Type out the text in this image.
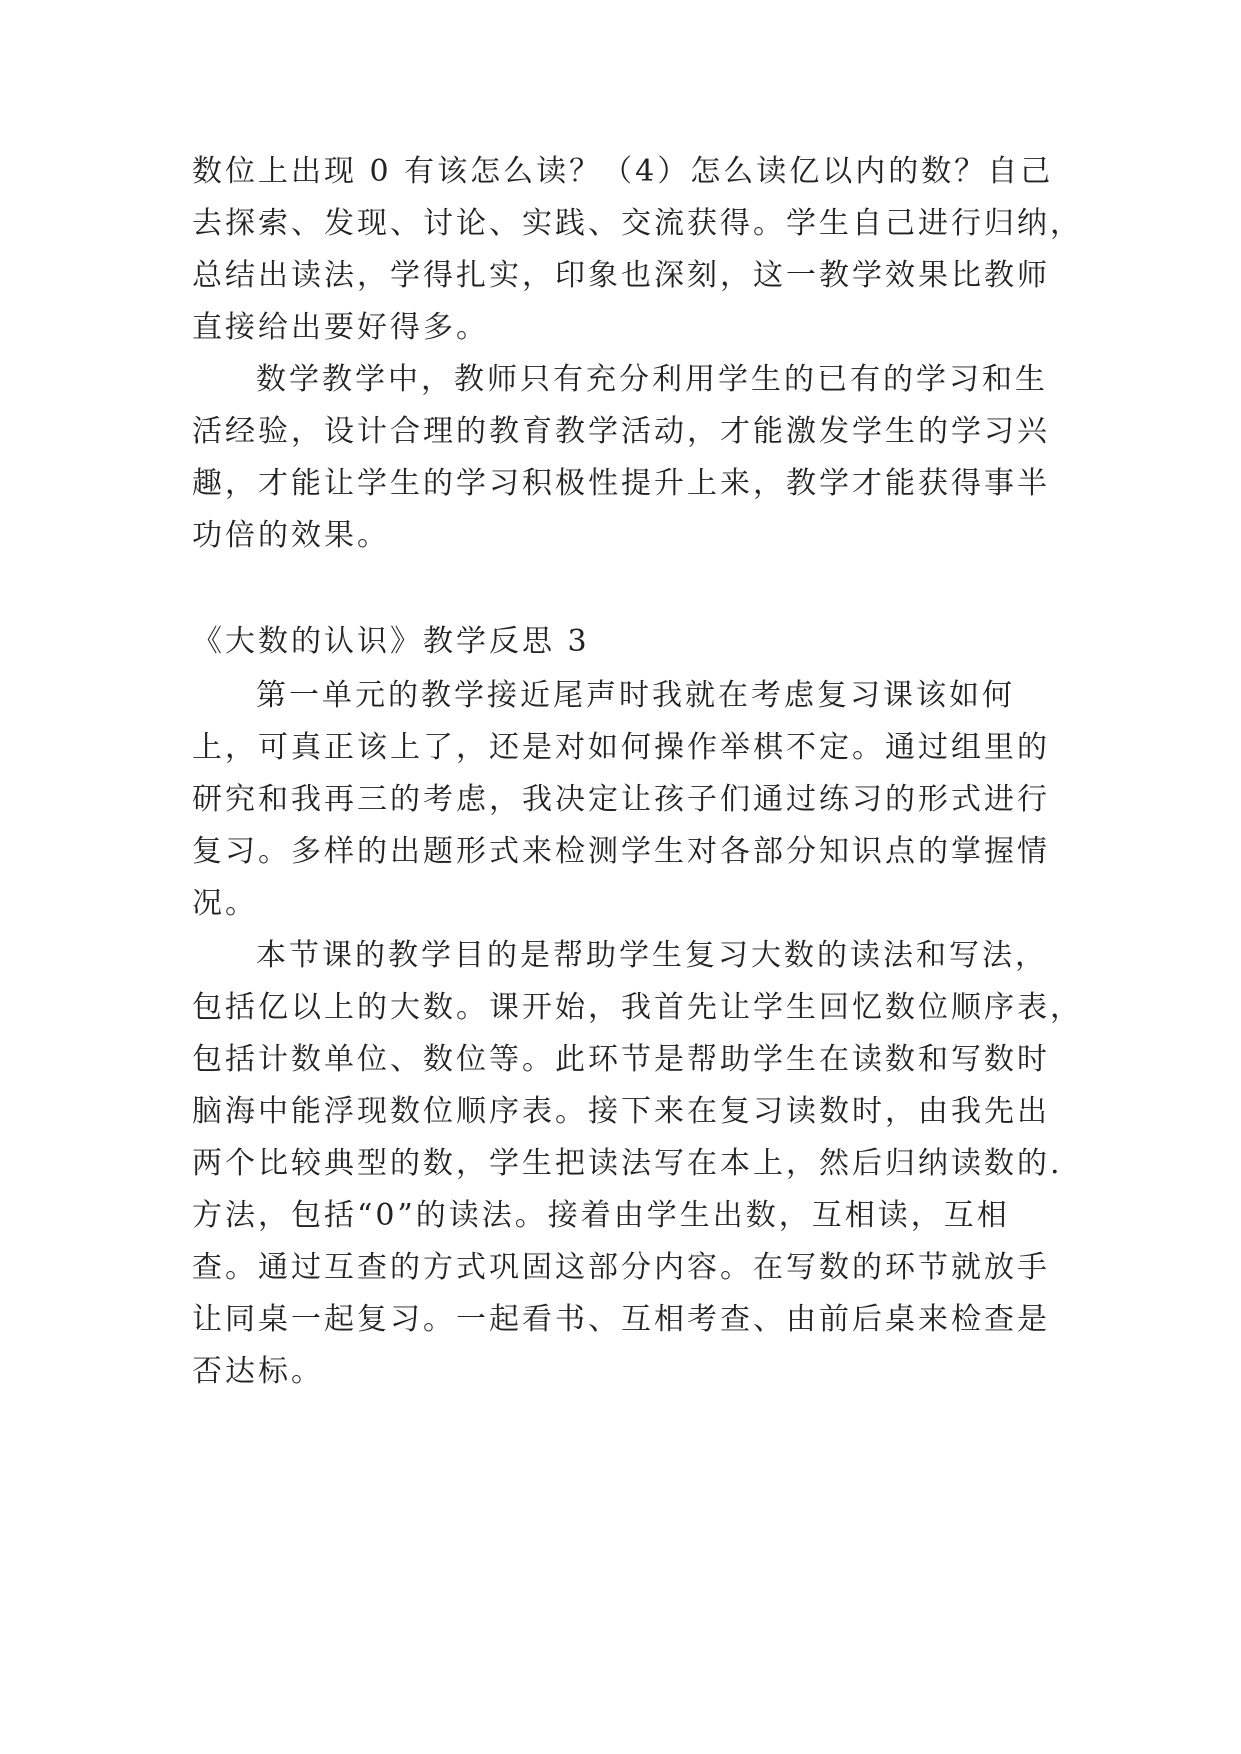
数位上出现 0 有该怎么读？（4）怎么读亿以内的数？自己
去探索、发现、讨论、实践、交流获得。学生自己进行归纳，
总结出读法，学得扎实，印象也深刻，这一教学效果比教师
直接给出要好得多。
数学教学中，教师只有充分利用学生的已有的学习和生
活经验，设计合理的教育教学活动，才能激发学生的学习兴
趣，才能让学生的学习积极性提升上来，教学才能获得事半
功倍的效果。
《大数的认识》教学反思 3
第一单元的教学接近尾声时我就在考虑复习课该如何
上，可真正该上了，还是对如何操作举棋不定。通过组里的
研究和我再三的考虑，我决定让孩子们通过练习的形式进行
复习。多样的出题形式来检测学生对各部分知识点的掌握情
况。
本节课的教学目的是帮助学生复习大数的读法和写法，
包括亿以上的大数。课开始，我首先让学生回忆数位顺序表，
包括计数单位、数位等。此环节是帮助学生在读数和写数时
脑海中能浮现数位顺序表。接下来在复习读数时，由我先出
两个比较典型的数，学生把读法写在本上，然后归纳读数的.
方法，包括“0”的读法。接着由学生出数，互相读，互相
查。通过互查的方式巩固这部分内容。在写数的环节就放手
让同桌一起复习。一起看书、互相考查、由前后桌来检查是
否达标。
